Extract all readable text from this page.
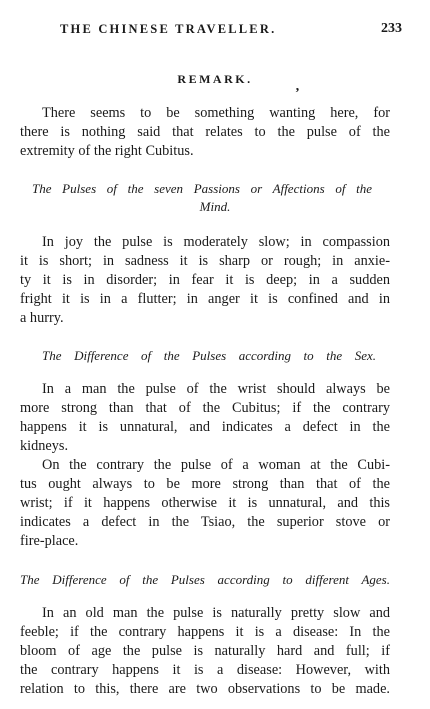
THE CHINESE TRAVELLER.	233
REMARK.
ʼ
There seems to be something wanting here, for
there is nothing said that relates to the pulse of the
extremity of the right Cubitus.
The Pulses of the seven Passions or Affections of the
Mind.
In joy the pulse is moderately slow; in compassion
it is short; in sadness it is sharp or rough; in anxie-
ty it is in disorder; in fear it is deep; in a sudden
fright it is in a flutter; in anger it is confined and in
a hurry.
The Difference of the Pulses according to the Sex.
In a man the pulse of the wrist should always be
more strong than that of the Cubitus; if the contrary
happens it is unnatural, and indicates a defect in the
kidneys.
On the contrary the pulse of a woman at the Cubi-
tus ought always to be more strong than that of the
wrist; if it happens otherwise it is unnatural, and this
indicates a defect in the Tsiao, the superior stove or
fire-place.
The Difference of the Pulses according to different Ages.
In an old man the pulse is naturally pretty slow and
feeble; if the contrary happens it is a disease: In the
bloom of age the pulse is naturally hard and full; if
the contrary happens it is a disease: However, with
relation to this, there are two observations to be made.
